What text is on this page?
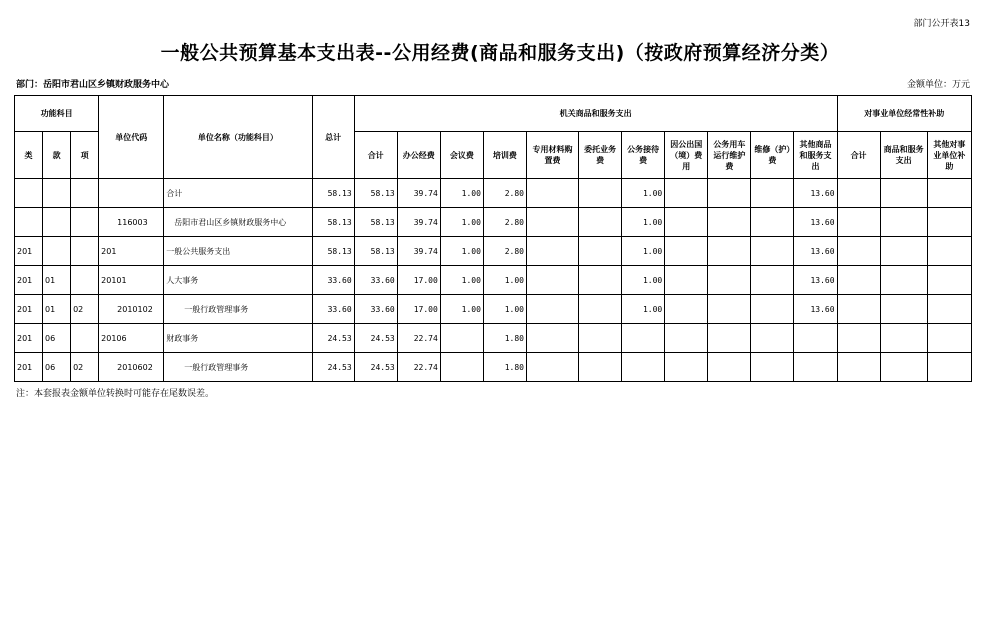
部门公开表13
一般公共预算基本支出表--公用经费(商品和服务支出)（按政府预算经济分类）
部门：岳阳市君山区乡镇财政服务中心	金额单位：万元
功能科目			单位代码	单位名称（功能科目）	总计	机关商品和服务支出											对事业单位经常性补助		
类	款	项				合计	办公经费	会议费	培训费	专用材料购置费	委托业务费	公务接待费	因公出国（境）费用	公务用车运行维护费	维修（护）费	其他商品和服务支出	合计	商品和服务支出	其他对事业单位补助
				合计	58.13	58.13	39.74	1.00	2.80			1.00				13.60			
			116003	岳阳市君山区乡镇财政服务中心	58.13	58.13	39.74	1.00	2.80			1.00				13.60			
201			201	一般公共服务支出	58.13	58.13	39.74	1.00	2.80			1.00				13.60			
201	01		20101	人大事务	33.60	33.60	17.00	1.00	1.00			1.00				13.60			
201	01	02	2010102	一般行政管理事务	33.60	33.60	17.00	1.00	1.00			1.00				13.60			
201	06		20106	财政事务	24.53	24.53	22.74		1.80										
201	06	02	2010602	一般行政管理事务	24.53	24.53	22.74		1.80										
注：本套报表金额单位转换时可能存在尾数误差。
